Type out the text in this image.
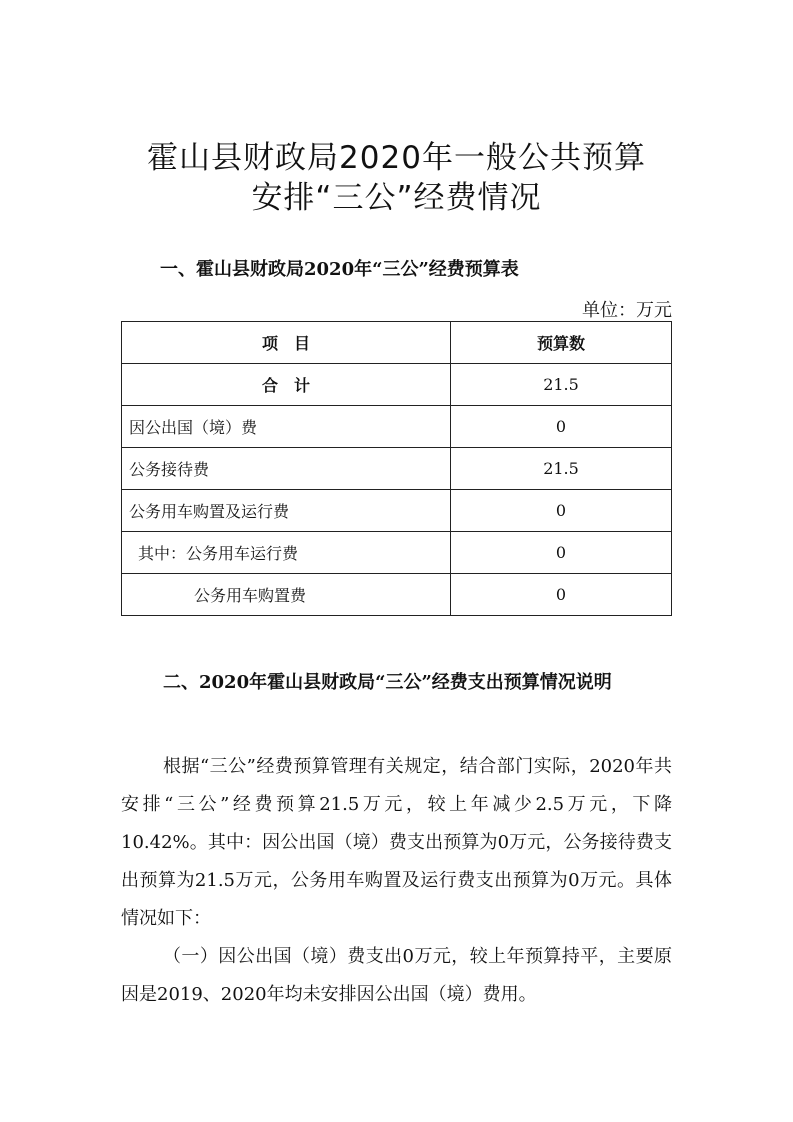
霍山县财政局2020年一般公共预算
安排“三公”经费情况
一、霍山县财政局2020年“三公”经费预算表
单位：万元
项　目	预算数
合　计	21.5
因公出国（境）费	0
公务接待费	21.5
公务用车购置及运行费	0
其中：公务用车运行费	0
公务用车购置费	0
二、2020年霍山县财政局“三公”经费支出预算情况说明
根据“三公”经费预算管理有关规定，结合部门实际，2020年共安排“三公”经费预算21.5万元，较上年减少2.5万元，下降10.42%。其中：因公出国（境）费支出预算为0万元，公务接待费支出预算为21.5万元，公务用车购置及运行费支出预算为0万元。具体情况如下：
（一）因公出国（境）费支出0万元，较上年预算持平，主要原因是2019、2020年均未安排因公出国（境）费用。
